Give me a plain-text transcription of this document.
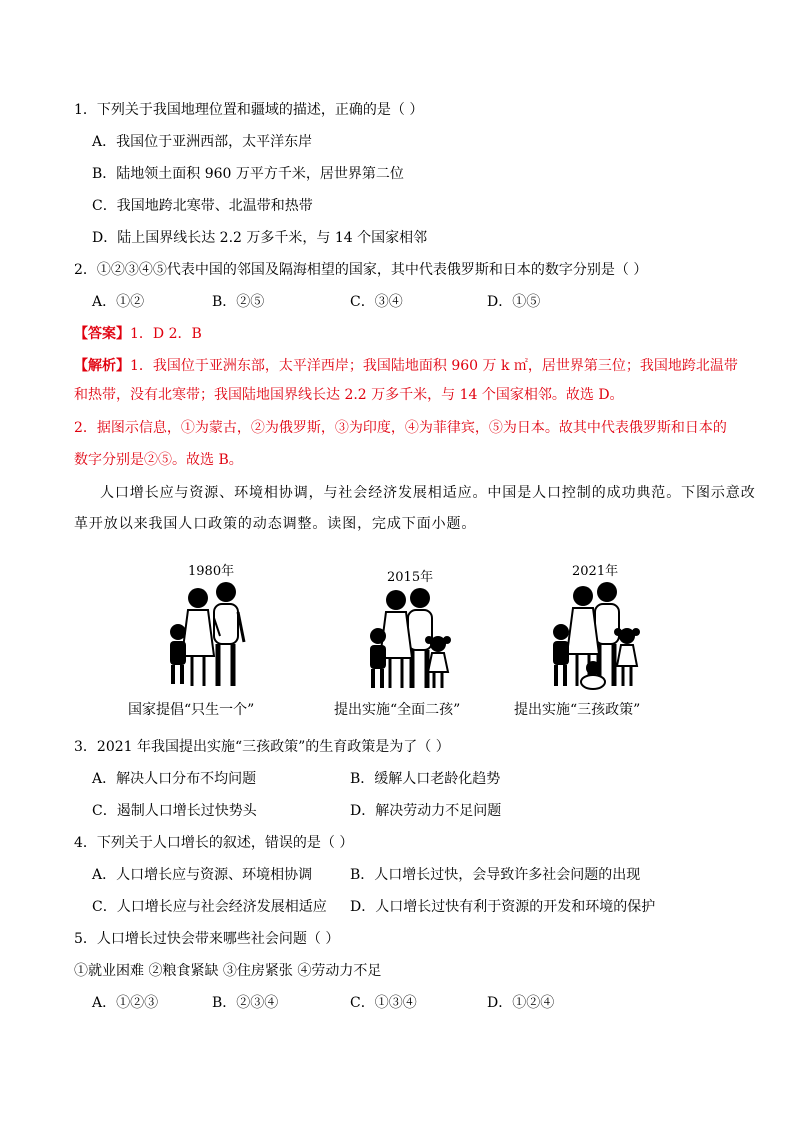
1．下列关于我国地理位置和疆域的描述，正确的是（ ）
A．我国位于亚洲西部，太平洋东岸
B．陆地领土面积 960 万平方千米，居世界第二位
C．我国地跨北寒带、北温带和热带
D．陆上国界线长达 2.2 万多千米，与 14 个国家相邻
2．①②③④⑤代表中国的邻国及隔海相望的国家，其中代表俄罗斯和日本的数字分别是（ ）
A．①②	B．②⑤	C．③④	D．①⑤
【答案】1．D 2．B
【解析】1．我国位于亚洲东部，太平洋西岸；我国陆地面积 960 万 k ㎡，居世界第三位；我国地跨北温带
和热带，没有北寒带；我国陆地国界线长达 2.2 万多千米，与 14 个国家相邻。故选 D。
2．据图示信息，①为蒙古，②为俄罗斯，③为印度，④为菲律宾，⑤为日本。故其中代表俄罗斯和日本的
数字分别是②⑤。故选 B。
人口增长应与资源、环境相协调，与社会经济发展相适应。中国是人口控制的成功典范。下图示意改
革开放以来我国人口政策的动态调整。读图，完成下面小题。
1980年
国家提倡“只生一个”
2015年
提出实施“全面二孩”
2021年
提出实施“三孩政策”
3．2021 年我国提出实施“三孩政策”的生育政策是为了（ ）
A．解决人口分布不均问题	B．缓解人口老龄化趋势
C．遏制人口增长过快势头	D．解决劳动力不足问题
4．下列关于人口增长的叙述，错误的是（ ）
A．人口增长应与资源、环境相协调	B．人口增长过快，会导致许多社会问题的出现
C．人口增长应与社会经济发展相适应 D．人口增长过快有利于资源的开发和环境的保护
5．人口增长过快会带来哪些社会问题（ ）
①就业困难 ②粮食紧缺 ③住房紧张 ④劳动力不足
A．①②③	B．②③④	C．①③④	D．①②④
